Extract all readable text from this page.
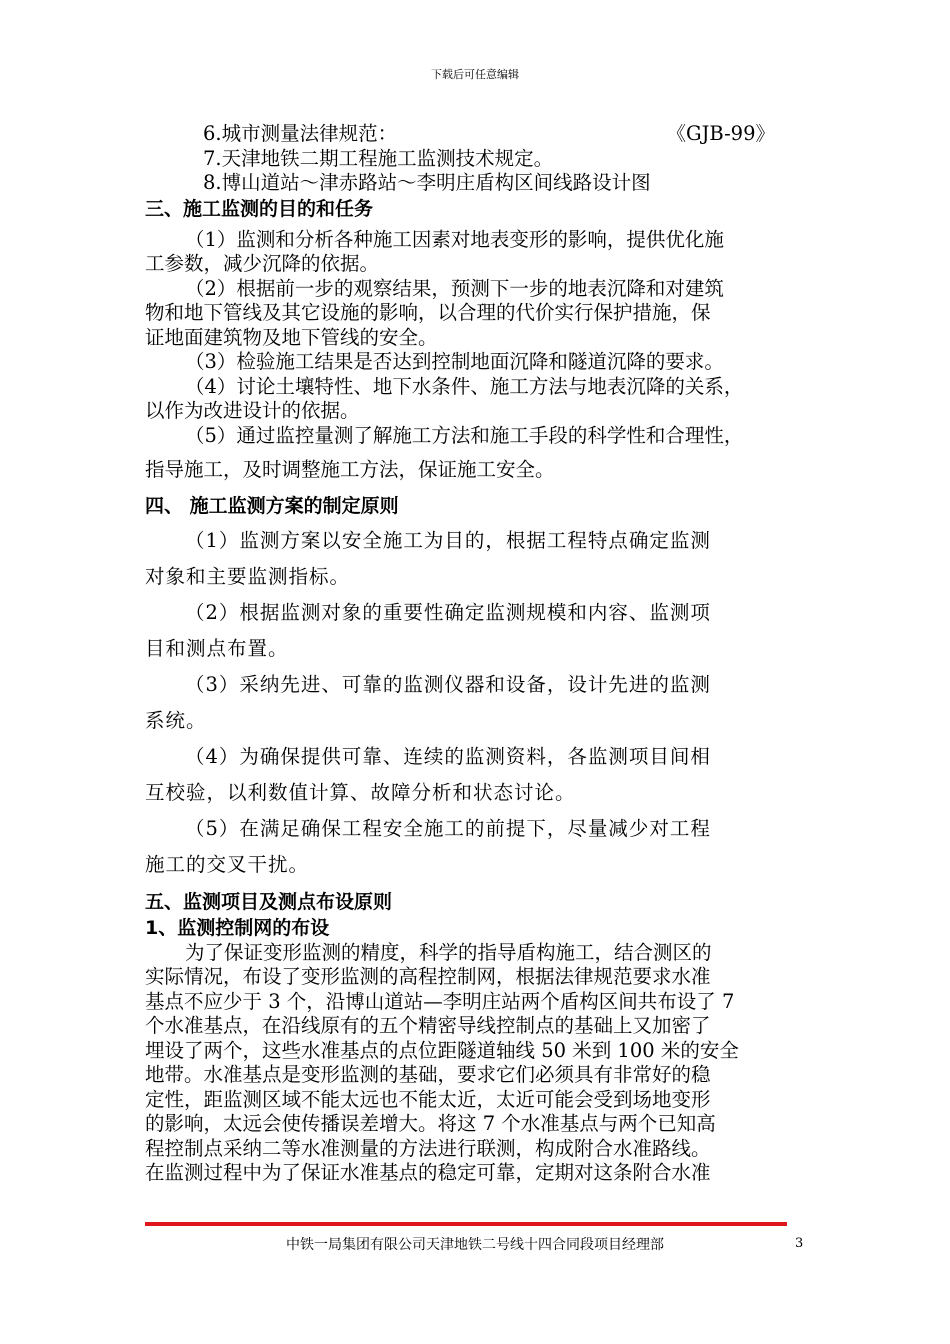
下载后可任意编辑
6.城市测量法律规范：	《GJB-99》
7.天津地铁二期工程施工监测技术规定。
8.博山道站～津赤路站～李明庄盾构区间线路设计图
三、施工监测的目的和任务
（1）监测和分析各种施工因素对地表变形的影响，提供优化施
工参数，减少沉降的依据。
（2）根据前一步的观察结果，预测下一步的地表沉降和对建筑
物和地下管线及其它设施的影响，以合理的代价实行保护措施，保
证地面建筑物及地下管线的安全。
（3）检验施工结果是否达到控制地面沉降和隧道沉降的要求。
（4）讨论土壤特性、地下水条件、施工方法与地表沉降的关系，
以作为改进设计的依据。
（5）通过监控量测了解施工方法和施工手段的科学性和合理性，
指导施工，及时调整施工方法，保证施工安全。
四、 施工监测方案的制定原则
（1）监测方案以安全施工为目的，根据工程特点确定监测
对象和主要监测指标。
（2）根据监测对象的重要性确定监测规模和内容、监测项
目和测点布置。
（3）采纳先进、可靠的监测仪器和设备，设计先进的监测
系统。
（4）为确保提供可靠、连续的监测资料，各监测项目间相
互校验，以利数值计算、故障分析和状态讨论。
（5）在满足确保工程安全施工的前提下，尽量减少对工程
施工的交叉干扰。
五、监测项目及测点布设原则
1、监测控制网的布设
为了保证变形监测的精度，科学的指导盾构施工，结合测区的
实际情况，布设了变形监测的高程控制网，根据法律规范要求水准
基点不应少于 3 个，沿博山道站—李明庄站两个盾构区间共布设了 7
个水准基点，在沿线原有的五个精密导线控制点的基础上又加密了
埋设了两个，这些水准基点的点位距隧道轴线 50 米到 100 米的安全
地带。水准基点是变形监测的基础，要求它们必须具有非常好的稳
定性，距监测区域不能太远也不能太近，太近可能会受到场地变形
的影响，太远会使传播误差增大。将这 7 个水准基点与两个已知高
程控制点采纳二等水准测量的方法进行联测，构成附合水准路线。
在监测过程中为了保证水准基点的稳定可靠，定期对这条附合水准
中铁一局集团有限公司天津地铁二号线十四合同段项目经理部	3
